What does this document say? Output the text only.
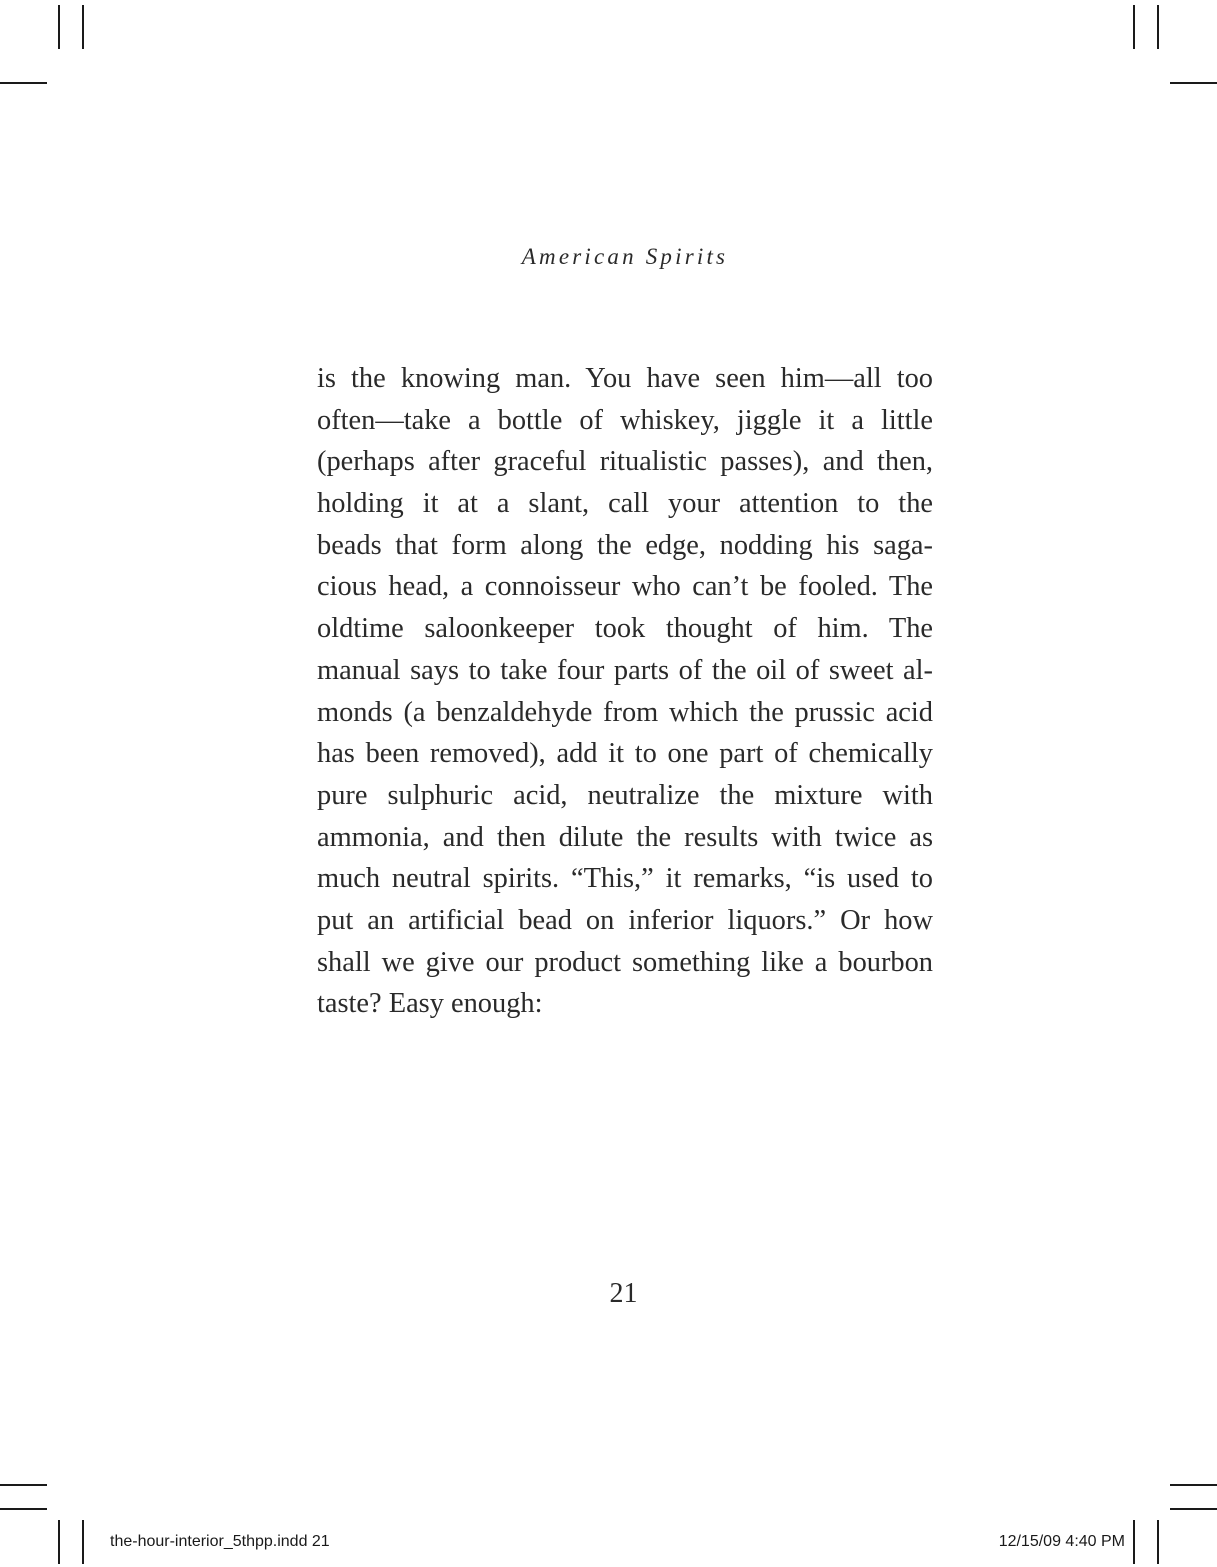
American Spirits

is the knowing man. You have seen him—all too
often—take a bottle of whiskey, jiggle it a little
(perhaps after graceful ritualistic passes), and then,
holding it at a slant, call your attention to the
beads that form along the edge, nodding his saga-
cious head, a connoisseur who can’t be fooled. The
oldtime saloonkeeper took thought of him. The
manual says to take four parts of the oil of sweet al-
monds (a benzaldehyde from which the prussic acid
has been removed), add it to one part of chemically
pure sulphuric acid, neutralize the mixture with
ammonia, and then dilute the results with twice as
much neutral spirits. “This,” it remarks, “is used to
put an artificial bead on inferior liquors.” Or how
shall we give our product something like a bourbon
taste? Easy enough:

21

the-hour-interior_5thpp.indd 21	12/15/09 4:40 PM
